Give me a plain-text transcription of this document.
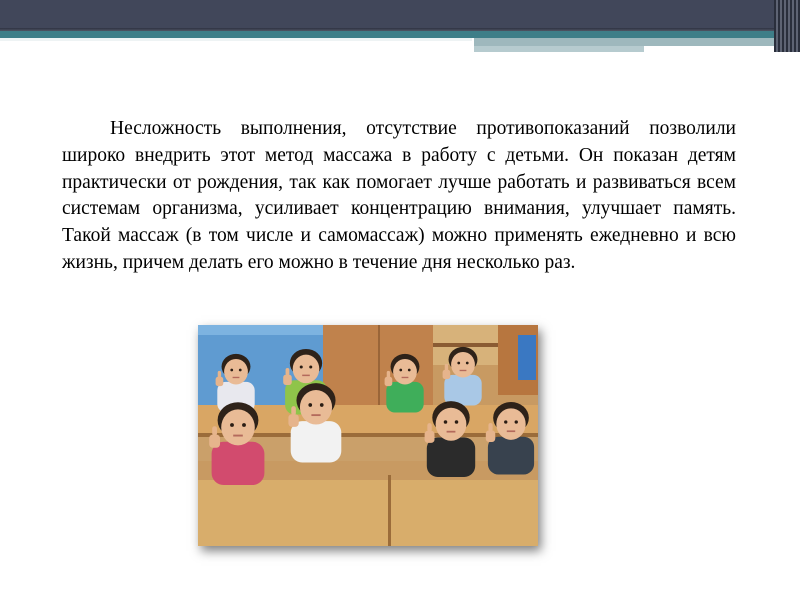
Несложность выполнения, отсутствие противопоказаний позволили широко внедрить этот метод массажа в работу с детьми. Он показан детям практически от рождения, так как помогает лучше работать и развиваться всем системам организма, усиливает концентрацию внимания, улучшает память. Такой массаж (в том числе и самомассаж) можно применять ежедневно и всю жизнь, причем делать его можно в течение дня несколько раз.
